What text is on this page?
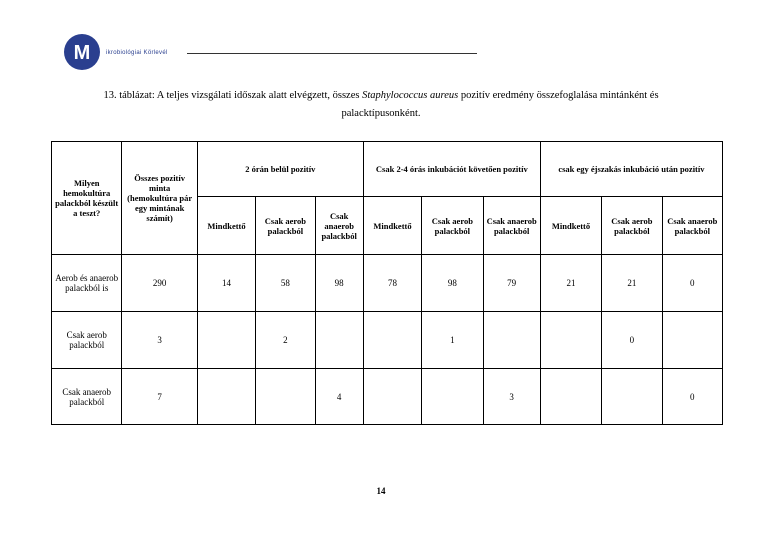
M	ikrobiológiai Körlevél
13. táblázat: A teljes vizsgálati időszak alatt elvégzett, összes Staphylococcus aureus pozitív eredmény összefoglalása mintánként és
palacktípusonként.
Milyen hemokultúra palackból készült a teszt?	Összes pozitív minta (hemokultúra pár egy mintának számít)	2 órán belül pozitív			Csak 2-4 órás inkubációt követően pozitív			csak egy éjszakás inkubáció után pozitív		
		Mindkettő	Csak aerob palackból	Csak anaerob palackból	Mindkettő	Csak aerob palackból	Csak anaerob palackból	Mindkettő	Csak aerob palackból	Csak anaerob palackból
Aerob és anaerob palackból is	290	14	58	98	78	98	79	21	21	0
Csak aerob palackból	3		2			1			0	
Csak anaerob palackból	7			4			3			0
14
